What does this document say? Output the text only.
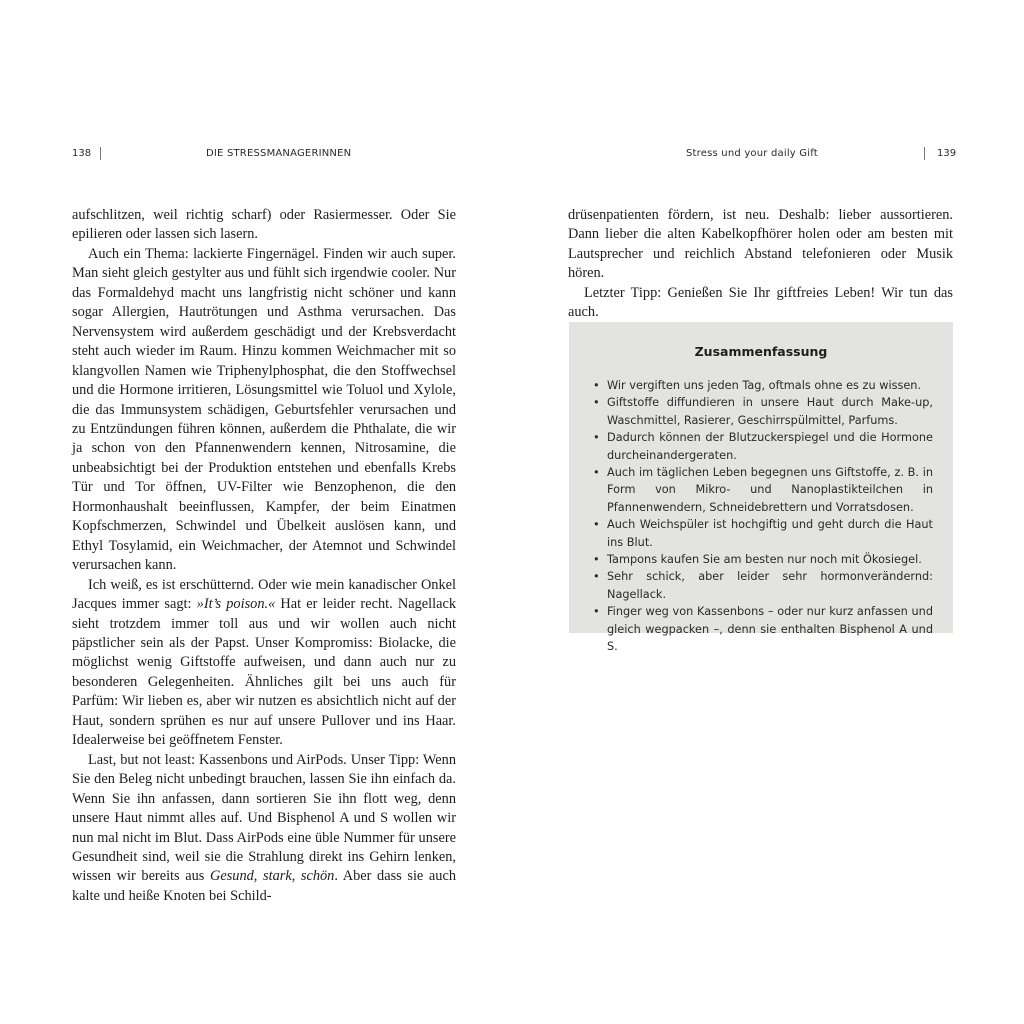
138	DIE STRESSMANAGERINNEN	Stress und your daily Gift	139

aufschlitzen, weil richtig scharf) oder Rasiermesser. Oder Sie epilieren oder lassen sich lasern.

Auch ein Thema: lackierte Fingernägel. Finden wir auch super. Man sieht gleich gestylter aus und fühlt sich irgendwie cooler. Nur das Formaldehyd macht uns langfristig nicht schöner und kann sogar Allergien, Hautrötungen und Asthma verursachen. Das Nervensystem wird außerdem geschädigt und der Krebsverdacht steht auch wieder im Raum. Hinzu kommen Weichmacher mit so klangvollen Namen wie Triphenylphosphat, die den Stoffwechsel und die Hormone irritieren, Lösungsmittel wie Toluol und Xylole, die das Immunsystem schädigen, Geburtsfehler verursachen und zu Entzündungen führen können, außerdem die Phthalate, die wir ja schon von den Pfannenwendern kennen, Nitrosamine, die unbeabsichtigt bei der Produktion entstehen und ebenfalls Krebs Tür und Tor öffnen, UV-Filter wie Benzophenon, die den Hormonhaushalt beeinflussen, Kampfer, der beim Einatmen Kopfschmerzen, Schwindel und Übelkeit auslösen kann, und Ethyl Tosylamid, ein Weichmacher, der Atemnot und Schwindel verursachen kann.

Ich weiß, es ist erschütternd. Oder wie mein kanadischer Onkel Jacques immer sagt: »It’s poison.« Hat er leider recht. Nagellack sieht trotzdem immer toll aus und wir wollen auch nicht päpstlicher sein als der Papst. Unser Kompromiss: Biolacke, die möglichst wenig Giftstoffe aufweisen, und dann auch nur zu besonderen Gelegenheiten. Ähnliches gilt bei uns auch für Parfüm: Wir lieben es, aber wir nutzen es absichtlich nicht auf der Haut, sondern sprühen es nur auf unsere Pullover und ins Haar. Idealerweise bei geöffnetem Fenster.

Last, but not least: Kassenbons und AirPods. Unser Tipp: Wenn Sie den Beleg nicht unbedingt brauchen, lassen Sie ihn einfach da. Wenn Sie ihn anfassen, dann sortieren Sie ihn flott weg, denn unsere Haut nimmt alles auf. Und Bisphenol A und S wollen wir nun mal nicht im Blut. Dass AirPods eine üble Nummer für unsere Gesundheit sind, weil sie die Strahlung direkt ins Gehirn lenken, wissen wir bereits aus Gesund, stark, schön. Aber dass sie auch kalte und heiße Knoten bei Schild-

drüsenpatienten fördern, ist neu. Deshalb: lieber aussortieren. Dann lieber die alten Kabelkopfhörer holen oder am besten mit Lautsprecher und reichlich Abstand telefonieren oder Musik hören.

Letzter Tipp: Genießen Sie Ihr giftfreies Leben! Wir tun das auch.

Zusammenfassung
• Wir vergiften uns jeden Tag, oftmals ohne es zu wissen.
• Giftstoffe diffundieren in unsere Haut durch Make-up, Waschmittel, Rasierer, Geschirrspülmittel, Parfums.
• Dadurch können der Blutzuckerspiegel und die Hormone durcheinandergeraten.
• Auch im täglichen Leben begegnen uns Giftstoffe, z. B. in Form von Mikro- und Nanoplastikteilchen in Pfannenwendern, Schneidebrettern und Vorratsdosen.
• Auch Weichspüler ist hochgiftig und geht durch die Haut ins Blut.
• Tampons kaufen Sie am besten nur noch mit Ökosiegel.
• Sehr schick, aber leider sehr hormonverändernd: Nagellack.
• Finger weg von Kassenbons – oder nur kurz anfassen und gleich wegpacken –, denn sie enthalten Bisphenol A und S.
